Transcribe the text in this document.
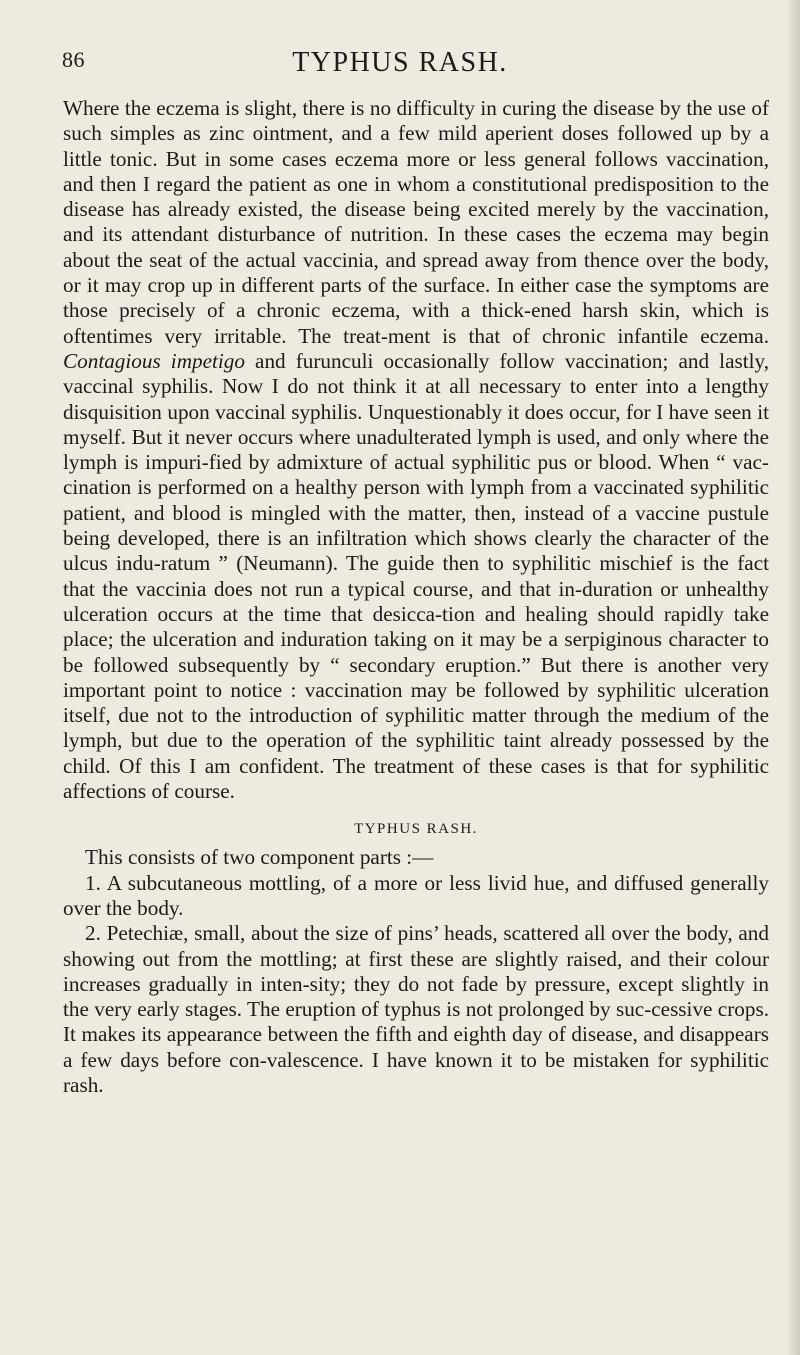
86	TYPHUS RASH.

Where the eczema is slight, there is no difficulty in curing the disease by the use of such simples as zinc ointment, and a few mild aperient doses followed up by a little tonic. But in some cases eczema more or less general follows vaccination, and then I regard the patient as one in whom a constitutional predisposition to the disease has already existed, the disease being excited merely by the vaccination, and its attendant disturbance of nutrition. In these cases the eczema may begin about the seat of the actual vaccinia, and spread away from thence over the body, or it may crop up in different parts of the surface. In either case the symptoms are those precisely of a chronic eczema, with a thick-ened harsh skin, which is oftentimes very irritable. The treat-ment is that of chronic infantile eczema. Contagious impetigo and furunculi occasionally follow vaccination; and lastly, vaccinal syphilis. Now I do not think it at all necessary to enter into a lengthy disquisition upon vaccinal syphilis. Unquestionably it does occur, for I have seen it myself. But it never occurs where unadulterated lymph is used, and only where the lymph is impuri-fied by admixture of actual syphilitic pus or blood. When “ vac-cination is performed on a healthy person with lymph from a vaccinated syphilitic patient, and blood is mingled with the matter, then, instead of a vaccine pustule being developed, there is an infiltration which shows clearly the character of the ulcus indu-ratum ” (Neumann). The guide then to syphilitic mischief is the fact that the vaccinia does not run a typical course, and that in-duration or unhealthy ulceration occurs at the time that desicca-tion and healing should rapidly take place; the ulceration and induration taking on it may be a serpiginous character to be followed subsequently by “ secondary eruption.” But there is another very important point to notice : vaccination may be followed by syphilitic ulceration itself, due not to the introduction of syphilitic matter through the medium of the lymph, but due to the operation of the syphilitic taint already possessed by the child. Of this I am confident. The treatment of these cases is that for syphilitic affections of course.

TYPHUS RASH.

This consists of two component parts :—

1. A subcutaneous mottling, of a more or less livid hue, and diffused generally over the body.

2. Petechiæ, small, about the size of pins’ heads, scattered all over the body, and showing out from the mottling; at first these are slightly raised, and their colour increases gradually in inten-sity; they do not fade by pressure, except slightly in the very early stages. The eruption of typhus is not prolonged by suc-cessive crops. It makes its appearance between the fifth and eighth day of disease, and disappears a few days before con-valescence. I have known it to be mistaken for syphilitic rash.
